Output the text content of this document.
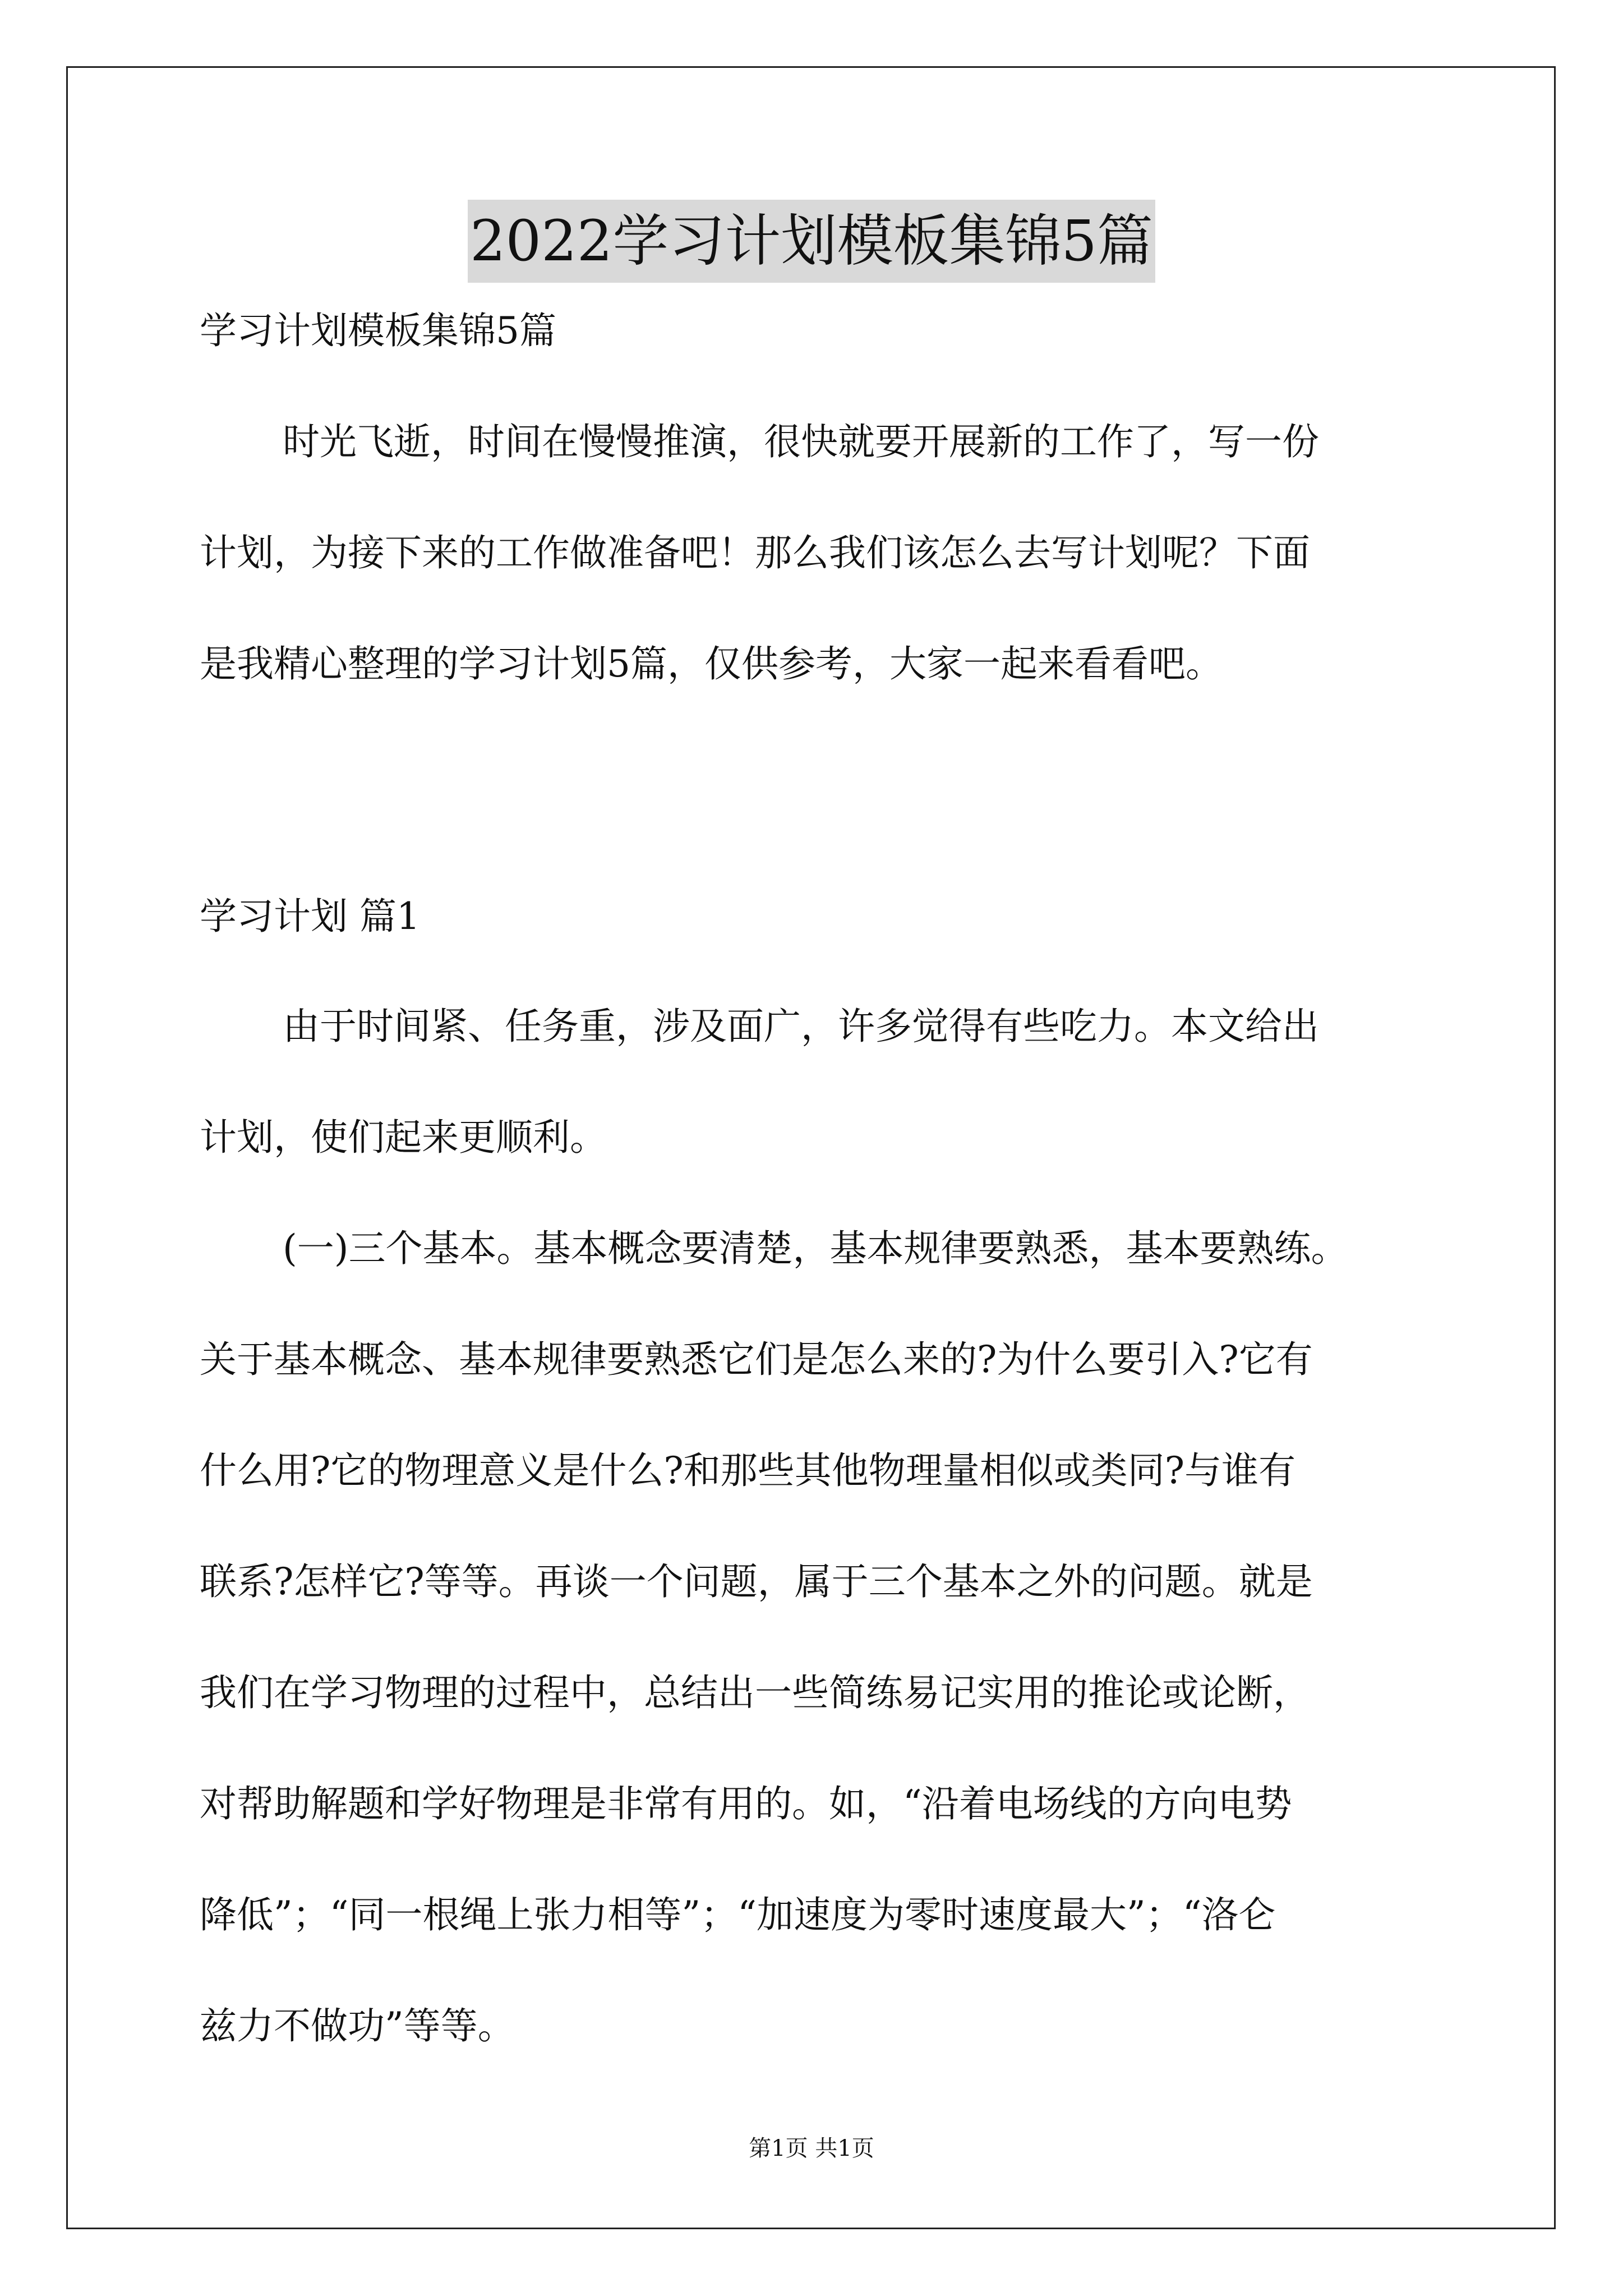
2022学习计划模板集锦5篇
学习计划模板集锦5篇
时光飞逝，时间在慢慢推演，很快就要开展新的工作了，写一份
计划，为接下来的工作做准备吧！那么我们该怎么去写计划呢？下面
是我精心整理的学习计划5篇，仅供参考，大家一起来看看吧。
学习计划 篇1
由于时间紧、任务重，涉及面广，许多觉得有些吃力。本文给出
计划，使们起来更顺利。
(一)三个基本。基本概念要清楚，基本规律要熟悉，基本要熟练。
关于基本概念、基本规律要熟悉它们是怎么来的?为什么要引入?它有
什么用?它的物理意义是什么?和那些其他物理量相似或类同?与谁有
联系?怎样它?等等。再谈一个问题，属于三个基本之外的问题。就是
我们在学习物理的过程中，总结出一些简练易记实用的推论或论断，
对帮助解题和学好物理是非常有用的。如，“沿着电场线的方向电势
降低”；“同一根绳上张力相等”；“加速度为零时速度最大”；“洛仑
兹力不做功”等等。
第1页 共1页
